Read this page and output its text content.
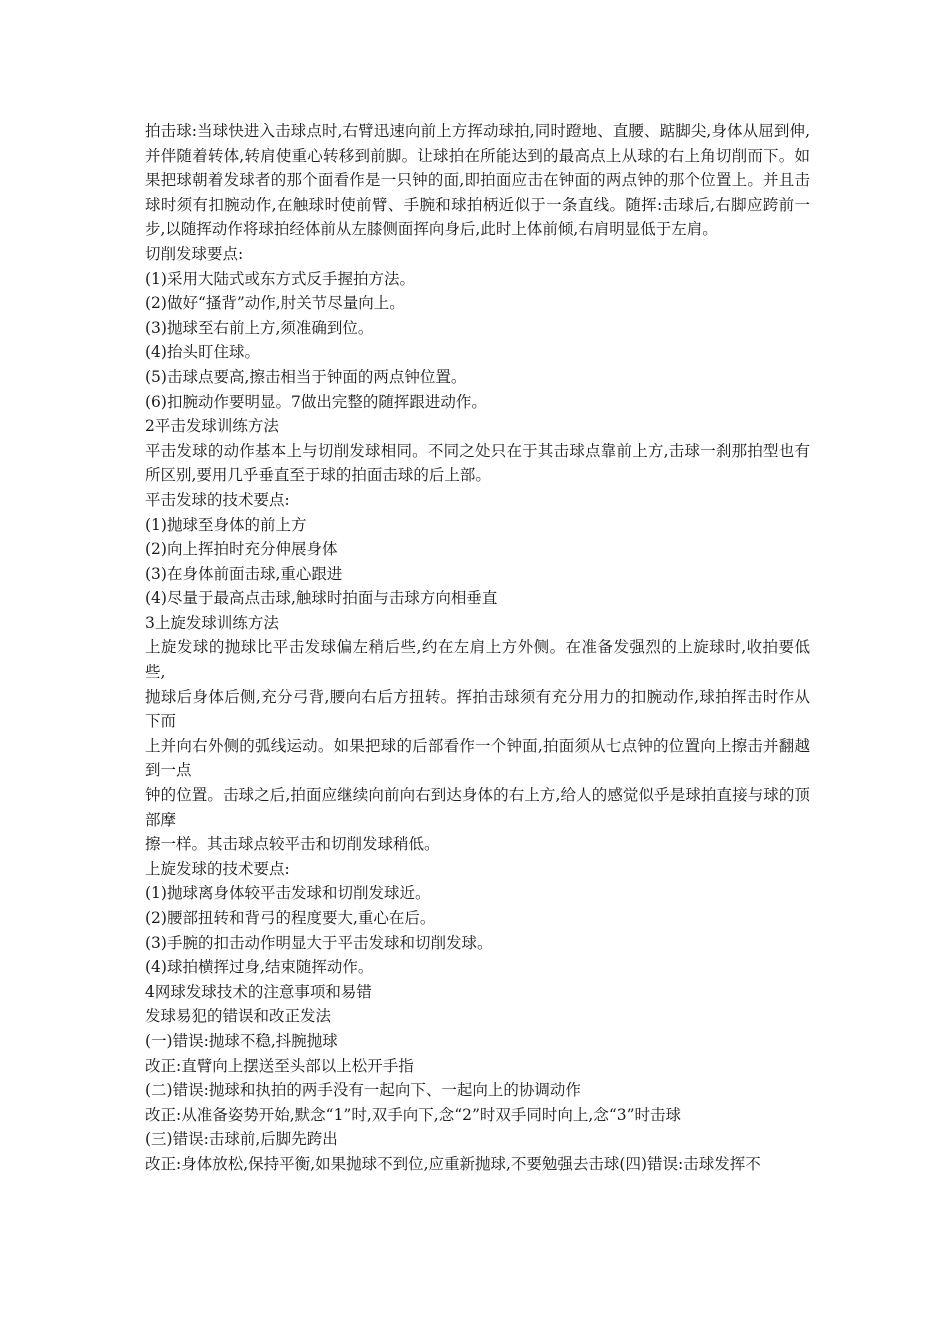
拍击球:当球快进入击球点时,右臂迅速向前上方挥动球拍,同时蹬地、直腰、踮脚尖,身体从屈到伸,并伴随着转体,转肩使重心转移到前脚。让球拍在所能达到的最高点上从球的右上角切削而下。如果把球朝着发球者的那个面看作是一只钟的面,即拍面应击在钟面的两点钟的那个位置上。并且击球时须有扣腕动作,在触球时使前臂、手腕和球拍柄近似于一条直线。随挥:击球后,右脚应跨前一步,以随挥动作将球拍经体前从左膝侧面挥向身后,此时上体前倾,右肩明显低于左肩。

切削发球要点:

(1)采用大陆式或东方式反手握拍方法。

(2)做好“搔背”动作,肘关节尽量向上。

(3)抛球至右前上方,须准确到位。

(4)抬头盯住球。

(5)击球点要高,擦击相当于钟面的两点钟位置。

(6)扣腕动作要明显。7做出完整的随挥跟进动作。

2平击发球训练方法

平击发球的动作基本上与切削发球相同。不同之处只在于其击球点靠前上方,击球一刹那拍型也有所区别,要用几乎垂直至于球的拍面击球的后上部。

平击发球的技术要点:

(1)抛球至身体的前上方

(2)向上挥拍时充分伸展身体

(3)在身体前面击球,重心跟进

(4)尽量于最高点击球,触球时拍面与击球方向相垂直

3上旋发球训练方法

上旋发球的抛球比平击发球偏左稍后些,约在左肩上方外侧。在准备发强烈的上旋球时,收拍要低些,

抛球后身体后侧,充分弓背,腰向右后方扭转。挥拍击球须有充分用力的扣腕动作,球拍挥击时作从下而

上并向右外侧的弧线运动。如果把球的后部看作一个钟面,拍面须从七点钟的位置向上擦击并翻越到一点

钟的位置。击球之后,拍面应继续向前向右到达身体的右上方,给人的感觉似乎是球拍直接与球的顶部摩

擦一样。其击球点较平击和切削发球稍低。

上旋发球的技术要点:

(1)抛球离身体较平击发球和切削发球近。

(2)腰部扭转和背弓的程度要大,重心在后。

(3)手腕的扣击动作明显大于平击发球和切削发球。

(4)球拍横挥过身,结束随挥动作。

4网球发球技术的注意事项和易错

发球易犯的错误和改正发法

(一)错误:抛球不稳,抖腕抛球

改正:直臂向上摆送至头部以上松开手指

(二)错误:抛球和执拍的两手没有一起向下、一起向上的协调动作

改正:从准备姿势开始,默念“1”时,双手向下,念“2”时双手同时向上,念“3”时击球

(三)错误:击球前,后脚先跨出

改正:身体放松,保持平衡,如果抛球不到位,应重新抛球,不要勉强去击球(四)错误:击球发挥不
